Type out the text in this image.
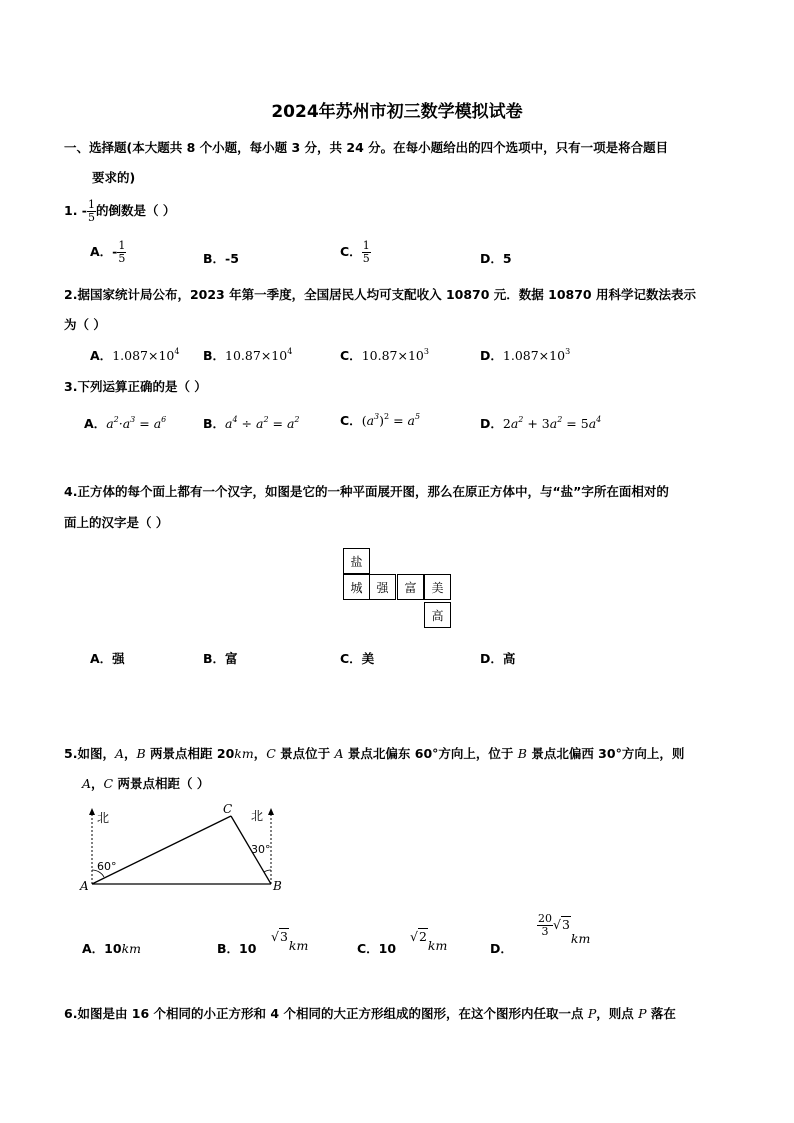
2024年苏州市初三数学模拟试卷
一、选择题(本大题共 8 个小题，每小题 3 分，共 24 分。在每小题给出的四个选项中，只有一项是将合题目
要求的)
1. - $\frac{1}{5}$ 的倒数是（ ）
A．- $\frac{1}{5}$	B．-5	C． $\frac{1}{5}$	D．5
2.据国家统计局公布，2023 年第一季度，全国居民人均可支配收入 10870 元．数据 10870 用科学记数法表示
为（ ）
A．$1.087\times 10^4$ B．$10.87\times 10^4$	C．$10.87\times 10^3$	D．$1.087\times 10^3$
3.下列运算正确的是（ ）
A．$a^2\cdot a^3 = a^6$	B．$a^4 \div a^2 = a^2$	C．$(a^3)^2 = a^5$	D．$2a^2 + 3a^2 = 5a^4$
4.正方体的每个面上都有一个汉字，如图是它的一种平面展开图，那么在原正方体中，与“盐”字所在面相对的
面上的汉字是（ ）
盐
城	强	富	美
高
A．强	B．富	C．美	D．高
5.如图，A，B 两景点相距 20km，C 景点位于 A 景点北偏东 60°方向上，位于 B 景点北偏西 30°方向上，则
A，C 两景点相距（ ）
北	北
60°
30°
A	B
C
A．10km	B．10
√3km	C．10
√2km	D．
$\frac{20}{3} √3km$
6.如图是由 16 个相同的小正方形和 4 个相同的大正方形组成的图形，在这个图形内任取一点 P，则点 P 落在
